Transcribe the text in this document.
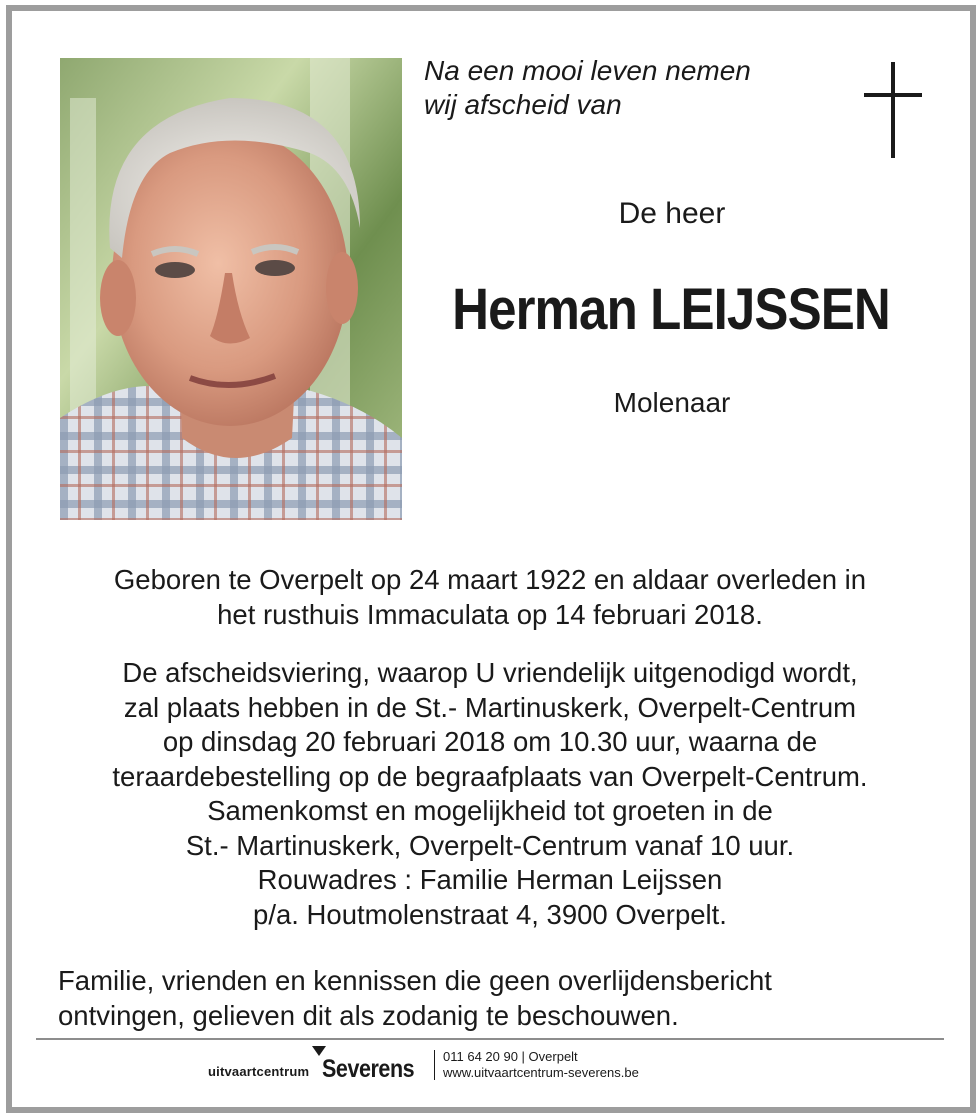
Na een mooi leven nemen
wij afscheid van
De heer
Herman LEIJSSEN
Molenaar

Geboren te Overpelt op 24 maart 1922 en aldaar overleden in

het rusthuis Immaculata op 14 februari 2018.

De afscheidsviering, waarop U vriendelijk uitgenodigd wordt,

zal plaats hebben in de St.- Martinuskerk, Overpelt-Centrum

op dinsdag 20 februari 2018 om 10.30 uur, waarna de

teraardebestelling op de begraafplaats van Overpelt-Centrum.

Samenkomst en mogelijkheid tot groeten in de

St.- Martinuskerk, Overpelt-Centrum vanaf 10 uur.

Rouwadres : Familie Herman Leijssen

p/a. Houtmolenstraat 4, 3900 Overpelt.

Familie, vrienden en kennissen die geen overlijdensbericht

ontvingen, gelieven dit als zodanig te beschouwen.

uitvaartcentrum Severens 011 64 20 90 | Overpelt
www.uitvaartcentrum-severens.be
